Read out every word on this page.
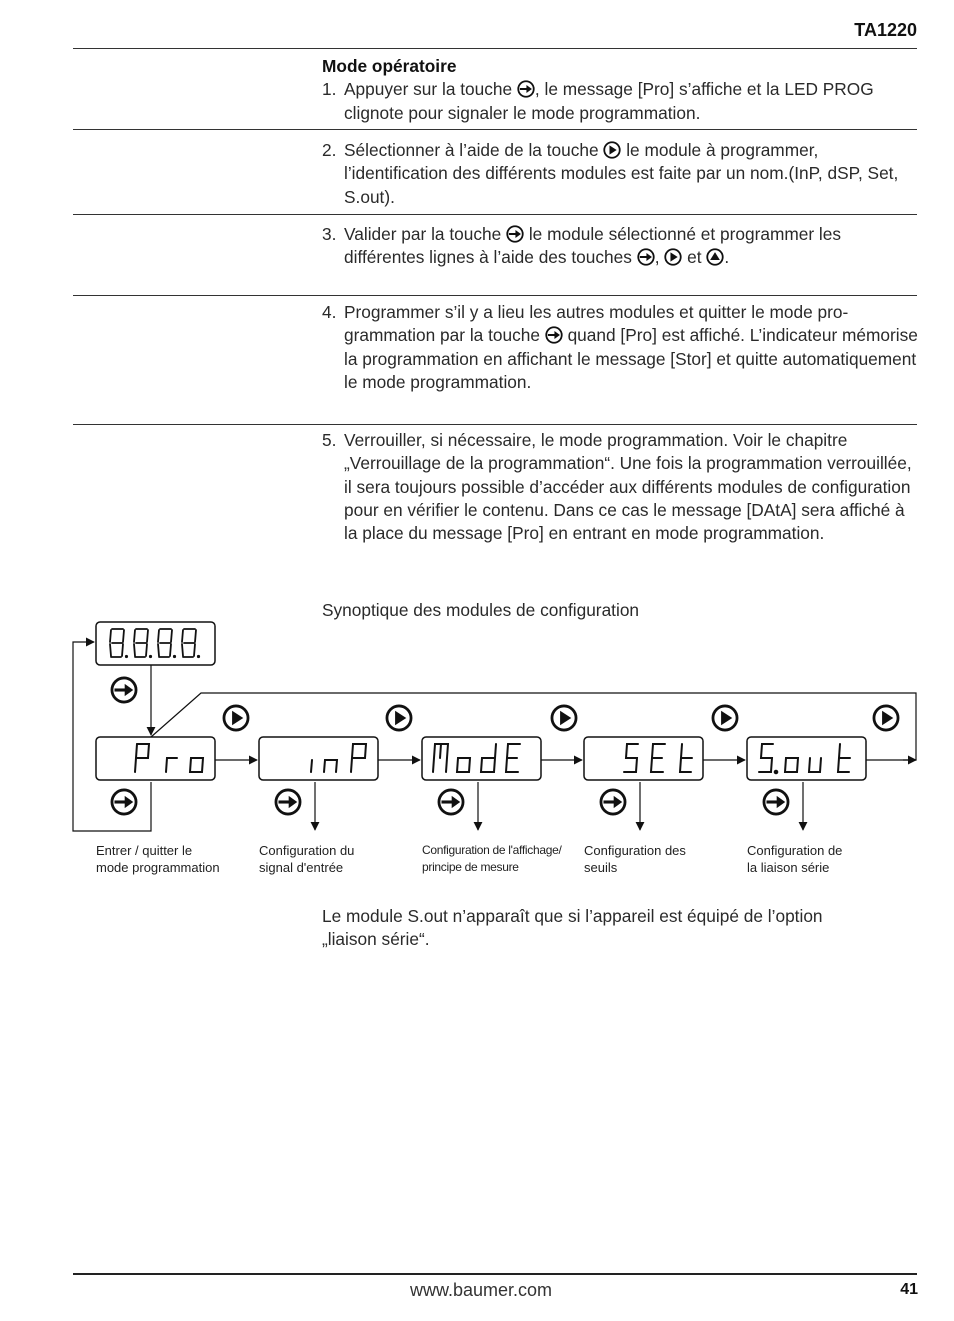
TA1220
Mode opératoire
1. Appuyer sur la touche , le message [Pro] s’affiche et la LED PROG clignote pour signaler le mode programmation.
2. Sélectionner à l’aide de la touche  le module à programmer, l’identification des différents modules est faite par un nom.(InP, dSP, Set, S.out).
3. Valider par la touche  le module sélectionné et programmer les différentes lignes à l’aide des touches ,  et .
4. Programmer s’il y a lieu les autres modules et quitter le mode pro-grammation par la touche  quand [Pro] est affiché. L’indicateur mémorise la programmation en affichant le message [Stor] et quitte automatiquement le mode programmation.
5. Verrouiller, si nécessaire, le mode programmation. Voir le chapitre „Verrouillage de la programmation“. Une fois la programmation verrouillée, il sera toujours possible d’accéder aux différents modules de configuration pour en vérifier le contenu. Dans ce cas le message [DAtA] sera affiché à la place du message [Pro] en entrant en mode programmation.
Synoptique des modules de configuration
Entrer / quitter le
mode programmation
Configuration du
signal d'entrée
Configuration de l'affichage/
principe de mesure
Configuration des
seuils
Configuration de
la liaison série
Le module S.out n’apparaît que si l’appareil est équipé de l’option
„liaison série“.
www.baumer.com	41
